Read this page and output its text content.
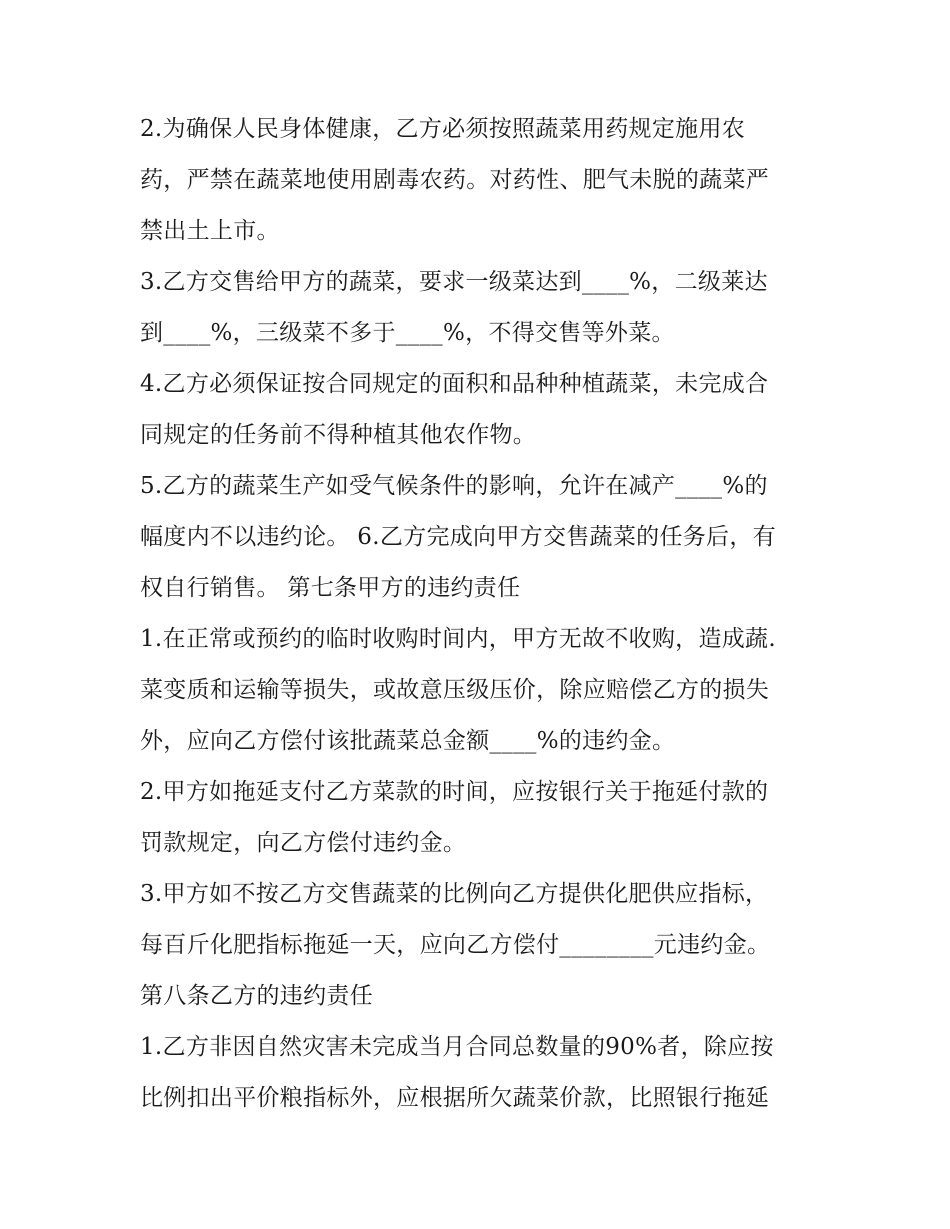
2.为确保人民身体健康，乙方必须按照蔬菜用药规定施用农
药，严禁在蔬菜地使用剧毒农药。对药性、肥气未脱的蔬菜严
禁出土上市。
3.乙方交售给甲方的蔬菜，要求一级菜达到____%，二级莱达
到____%，三级菜不多于____%，不得交售等外菜。
4.乙方必须保证按合同规定的面积和品种种植蔬菜，未完成合
同规定的任务前不得种植其他农作物。
5.乙方的蔬菜生产如受气候条件的影响，允许在减产____%的
幅度内不以违约论。 6.乙方完成向甲方交售蔬菜的任务后，有
权自行销售。 第七条甲方的违约责任
1.在正常或预约的临时收购时间内，甲方无故不收购，造成蔬.
菜变质和运输等损失，或故意压级压价，除应赔偿乙方的损失
外，应向乙方偿付该批蔬菜总金额____%的违约金。
2.甲方如拖延支付乙方菜款的时间，应按银行关于拖延付款的
罚款规定，向乙方偿付违约金。
3.甲方如不按乙方交售蔬菜的比例向乙方提供化肥供应指标，
每百斤化肥指标拖延一天，应向乙方偿付________元违约金。
第八条乙方的违约责任
1.乙方非因自然灾害未完成当月合同总数量的90%者，除应按
比例扣出平价粮指标外，应根据所欠蔬菜价款，比照银行拖延
